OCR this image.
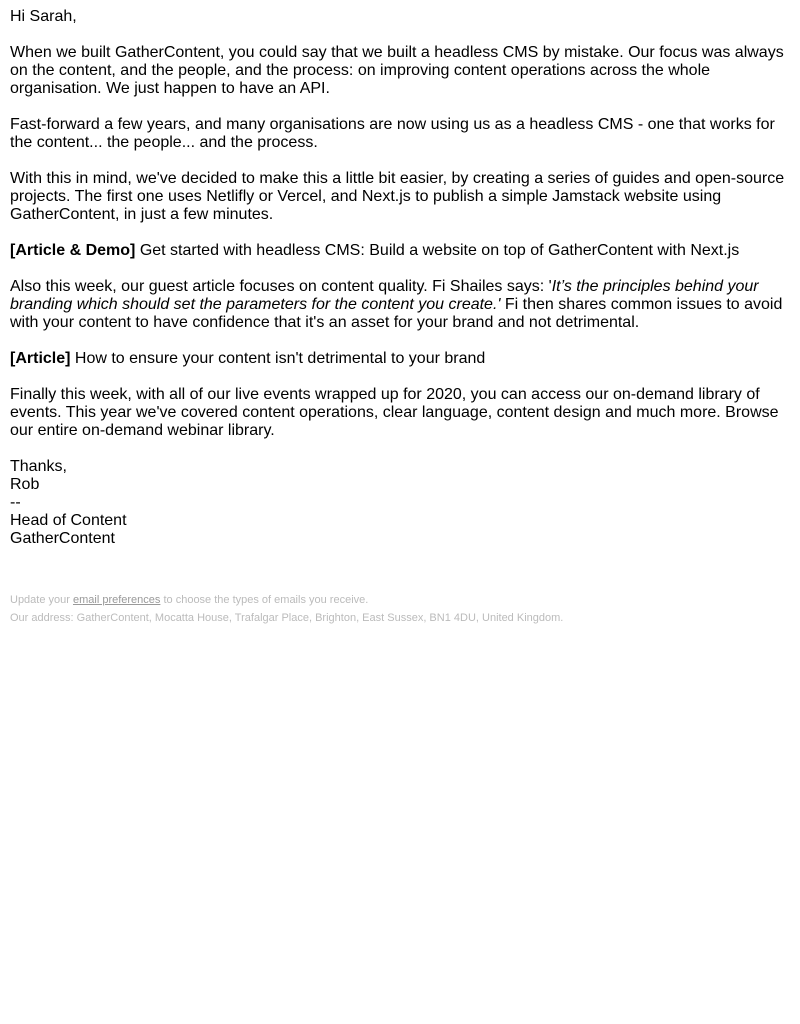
Hi Sarah,

When we built GatherContent, you could say that we built a headless CMS by mistake. Our focus was always on the content, and the people, and the process: on improving content operations across the whole organisation. We just happen to have an API.

Fast-forward a few years, and many organisations are now using us as a headless CMS - one that works for the content... the people... and the process.

With this in mind, we've decided to make this a little bit easier, by creating a series of guides and open-source projects. The first one uses Netlifly or Vercel, and Next.js to publish a simple Jamstack website using GatherContent, in just a few minutes.

[Article & Demo] Get started with headless CMS: Build a website on top of GatherContent with Next.js

Also this week, our guest article focuses on content quality. Fi Shailes says: 'It’s the principles behind your branding which should set the parameters for the content you create.' Fi then shares common issues to avoid with your content to have confidence that it's an asset for your brand and not detrimental.

[Article] How to ensure your content isn't detrimental to your brand

Finally this week, with all of our live events wrapped up for 2020, you can access our on-demand library of events. This year we've covered content operations, clear language, content design and much more. Browse our entire on-demand webinar library.

Thanks,

Rob

--

Head of Content

GatherContent

Update your email preferences to choose the types of emails you receive.

Our address: GatherContent, Mocatta House, Trafalgar Place, Brighton, East Sussex, BN1 4DU, United Kingdom.
